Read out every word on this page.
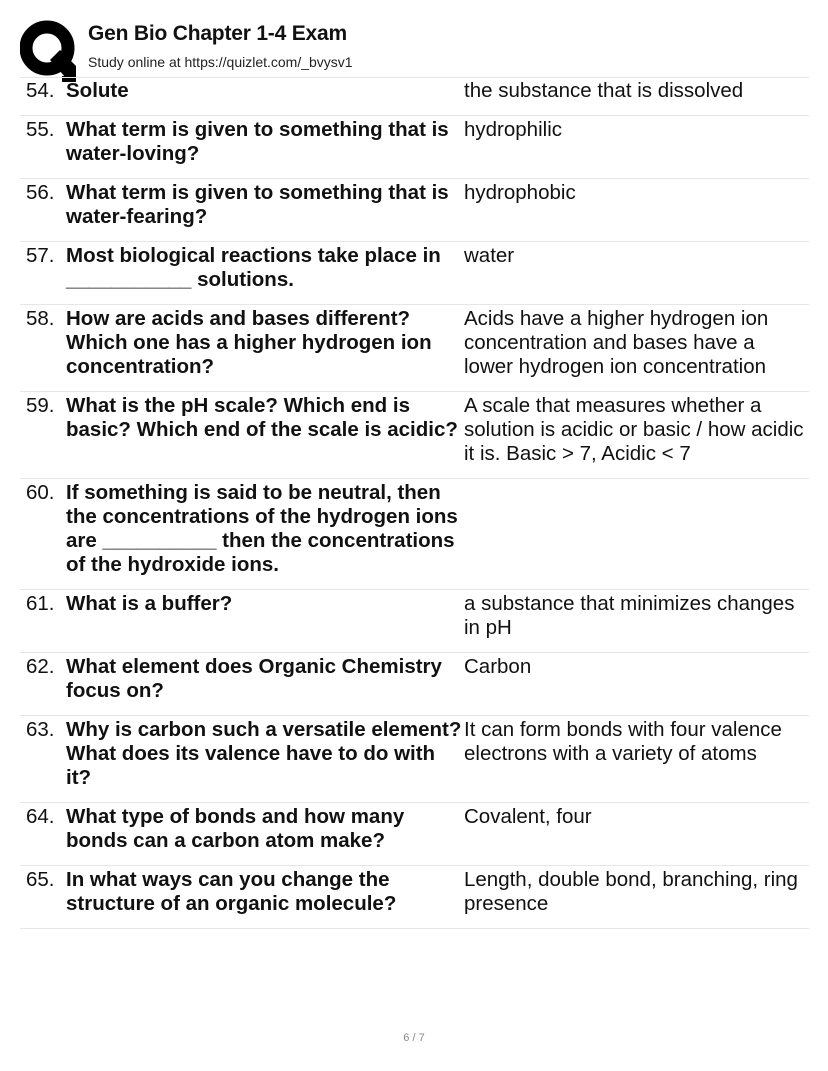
Gen Bio Chapter 1-4 Exam
Study online at https://quizlet.com/_bvysv1
54. Solute	the substance that is dissolved
55. What term is given to something that is water-loving?
hydrophilic
56. What term is given to something that is water-fearing?
hydrophobic
57. Most biological reactions take place in ___________ solutions.
water
58. How are acids and bases different? Which one has a higher hydrogen ion concentration?
Acids have a higher hydrogen ion concentration and bases have a lower hydrogen ion concentration
59. What is the pH scale? Which end is basic? Which end of the scale is acidic?
A scale that measures whether a solution is acidic or basic / how acidic it is. Basic > 7, Acidic < 7
60. If something is said to be neutral, then the concentrations of the hydrogen ions are __________ then the concentrations of the hydroxide ions.
61. What is a buffer?	a substance that minimizes changes in pH
62. What element does Organic Chemistry focus on?
Carbon
63. Why is carbon such a versatile element? What does its valence have to do with it?
It can form bonds with four valence electrons with a variety of atoms
64. What type of bonds and how many bonds can a carbon atom make?
Covalent, four
65. In what ways can you change the structure of an organic molecule?
Length, double bond, branching, ring presence
6 / 7
